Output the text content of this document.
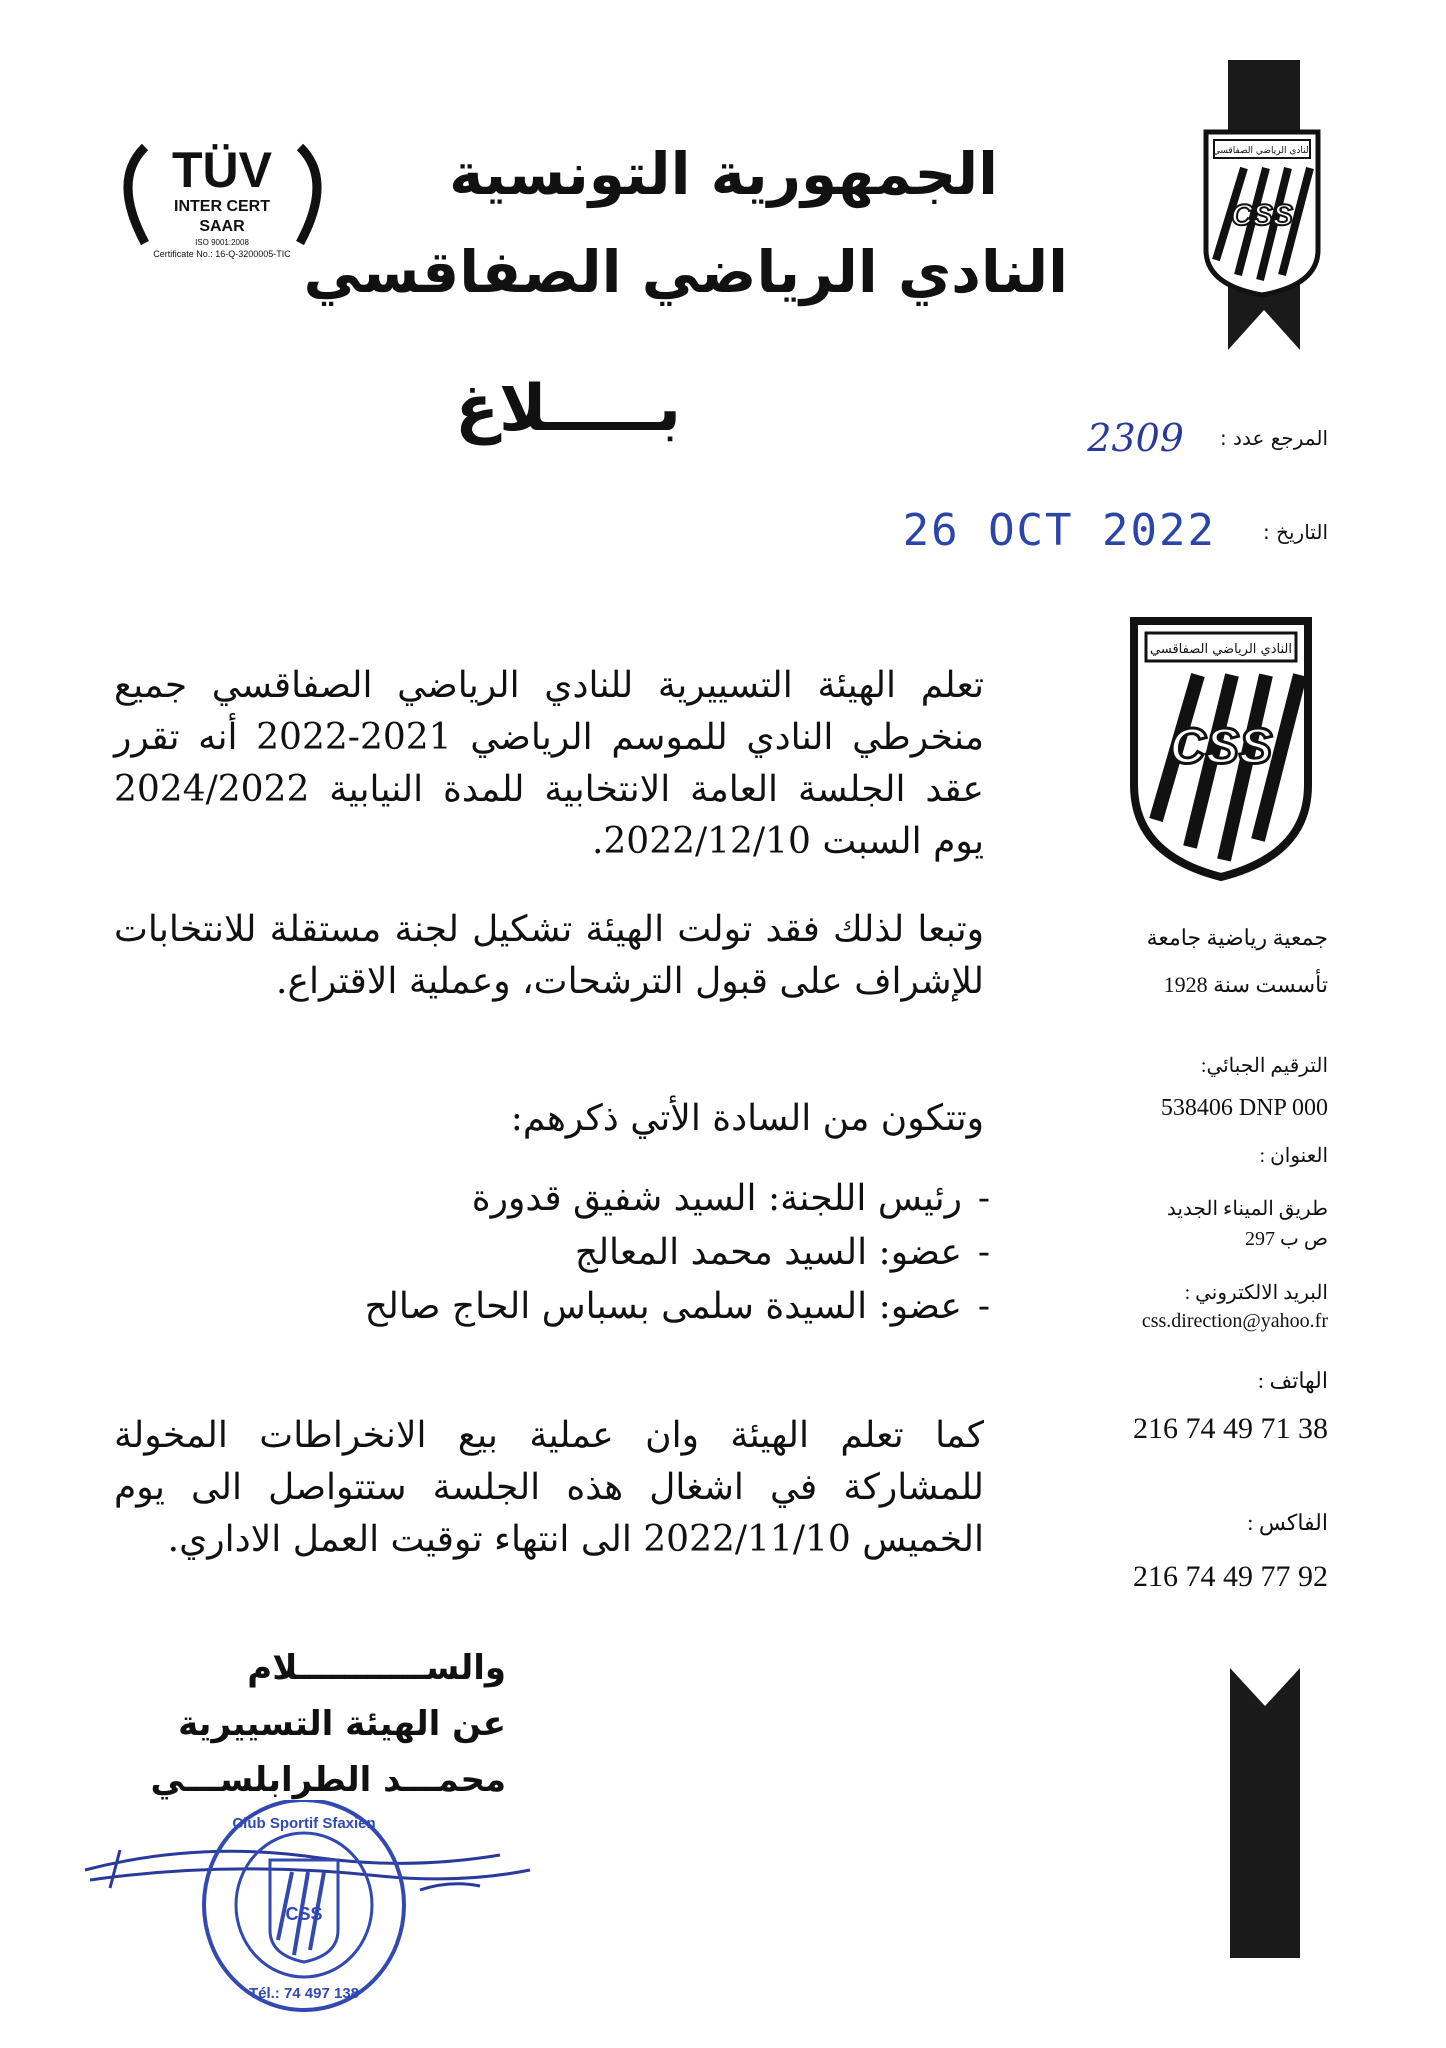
TÜV
INTER CERT
SAAR
ISO 9001:2008
Certificate No.: 16-Q-3200005-TIC
الجمهورية التونسية
النادي الرياضي الصفاقسي
النادي الرياضي الصفاقسي
CSS
بـــــلاغ	المرجع عدد :
2309
التاريخ :
26 OCT 2022
تعلم الهيئة التسييرية للنادي الرياضي الصفاقسي جميع منخرطي النادي للموسم الرياضي 2021-2022 أنه تقرر عقد الجلسة العامة الانتخابية للمدة النيابية 2024/2022 يوم السبت 2022/12/10.
وتبعا لذلك فقد تولت الهيئة تشكيل لجنة مستقلة للانتخابات للإشراف على قبول الترشحات، وعملية الاقتراع.
وتتكون من السادة الأتي ذكرهم:
-رئيس اللجنة: السيد شفيق قدورة
-عضو: السيد محمد المعالج
-عضو: السيدة سلمى بسباس الحاج صالح
كما تعلم الهيئة وان عملية بيع الانخراطات المخولة للمشاركة في اشغال هذه الجلسة ستتواصل الى يوم الخميس 2022/11/10 الى انتهاء توقيت العمل الاداري.
النادي الرياضي الصفاقسي
CSS
جمعية رياضية جامعة
تأسست سنة 1928
الترقيم الجبائي:
538406 DNP 000
العنوان :
طريق الميناء الجديد
ص ب 297
البريد الالكتروني :
css.direction@yahoo.fr
الهاتف :
216 74 49 71 38
الفاكس :
216 74 49 77 92
والســـــــــــلام
عن الهيئة التسييرية
محمـــد الطرابلســـي
CSS
Club Sportif Sfaxien
Tél.: 74 497 138
